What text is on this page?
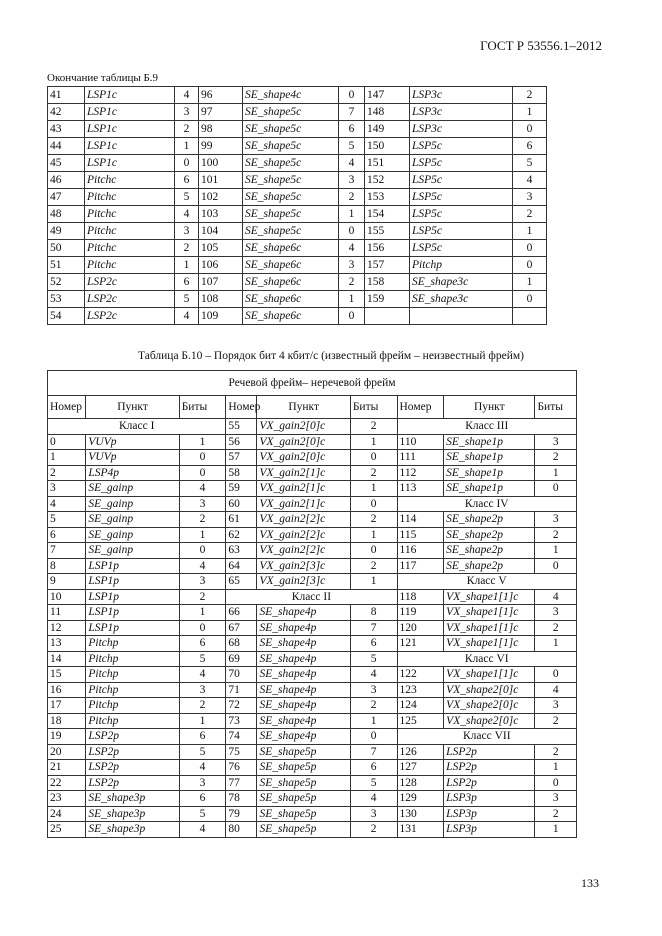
ГОСТ Р 53556.1–2012
Окончание таблицы Б.9
41	LSP1c	4	96	SE_shape4c	0	147	LSP3c	2
42	LSP1c	3	97	SE_shape5c	7	148	LSP3c	1
43	LSP1c	2	98	SE_shape5c	6	149	LSP3c	0
44	LSP1c	1	99	SE_shape5c	5	150	LSP5c	6
45	LSP1c	0	100	SE_shape5c	4	151	LSP5c	5
46	Pitchc	6	101	SE_shape5c	3	152	LSP5c	4
47	Pitchc	5	102	SE_shape5c	2	153	LSP5c	3
48	Pitchc	4	103	SE_shape5c	1	154	LSP5c	2
49	Pitchc	3	104	SE_shape5c	0	155	LSP5c	1
50	Pitchc	2	105	SE_shape6c	4	156	LSP5c	0
51	Pitchc	1	106	SE_shape6c	3	157	Pitchp	0
52	LSP2c	6	107	SE_shape6c	2	158	SE_shape3c	1
53	LSP2c	5	108	SE_shape6c	1	159	SE_shape3c	0
54	LSP2c	4	109	SE_shape6c	0			
Таблица Б.10 – Порядок бит 4 кбит/с (известный фрейм – неизвестный фрейм)
Речевой фрейм– неречевой фрейм								
Номер	Пункт	Биты	Номер	Пункт	Биты	Номер	Пункт	Биты
Класс I			55	VX_gain2[0]c	2	Класс III		
0	VUVp	1	56	VX_gain2[0]c	1	110	SE_shape1p	3
1	VUVp	0	57	VX_gain2[0]c	0	111	SE_shape1p	2
2	LSP4p	0	58	VX_gain2[1]c	2	112	SE_shape1p	1
3	SE_gainp	4	59	VX_gain2[1]c	1	113	SE_shape1p	0
4	SE_gainp	3	60	VX_gain2[1]c	0	Класс IV		
5	SE_gainp	2	61	VX_gain2[2]c	2	114	SE_shape2p	3
6	SE_gainp	1	62	VX_gain2[2]c	1	115	SE_shape2p	2
7	SE_gainp	0	63	VX_gain2[2]c	0	116	SE_shape2p	1
8	LSP1p	4	64	VX_gain2[3]c	2	117	SE_shape2p	0
9	LSP1p	3	65	VX_gain2[3]c	1	Класс V		
10	LSP1p	2	Класс II			118	VX_shape1[1]c	4
11	LSP1p	1	66	SE_shape4p	8	119	VX_shape1[1]c	3
12	LSP1p	0	67	SE_shape4p	7	120	VX_shape1[1]c	2
13	Pitchp	6	68	SE_shape4p	6	121	VX_shape1[1]c	1
14	Pitchp	5	69	SE_shape4p	5	Класс VI		
15	Pitchp	4	70	SE_shape4p	4	122	VX_shape1[1]c	0
16	Pitchp	3	71	SE_shape4p	3	123	VX_shape2[0]c	4
17	Pitchp	2	72	SE_shape4p	2	124	VX_shape2[0]c	3
18	Pitchp	1	73	SE_shape4p	1	125	VX_shape2[0]c	2
19	LSP2p	6	74	SE_shape4p	0	Класс VII		
20	LSP2p	5	75	SE_shape5p	7	126	LSP2p	2
21	LSP2p	4	76	SE_shape5p	6	127	LSP2p	1
22	LSP2p	3	77	SE_shape5p	5	128	LSP2p	0
23	SE_shape3p	6	78	SE_shape5p	4	129	LSP3p	3
24	SE_shape3p	5	79	SE_shape5p	3	130	LSP3p	2
25	SE_shape3p	4	80	SE_shape5p	2	131	LSP3p	1
133
